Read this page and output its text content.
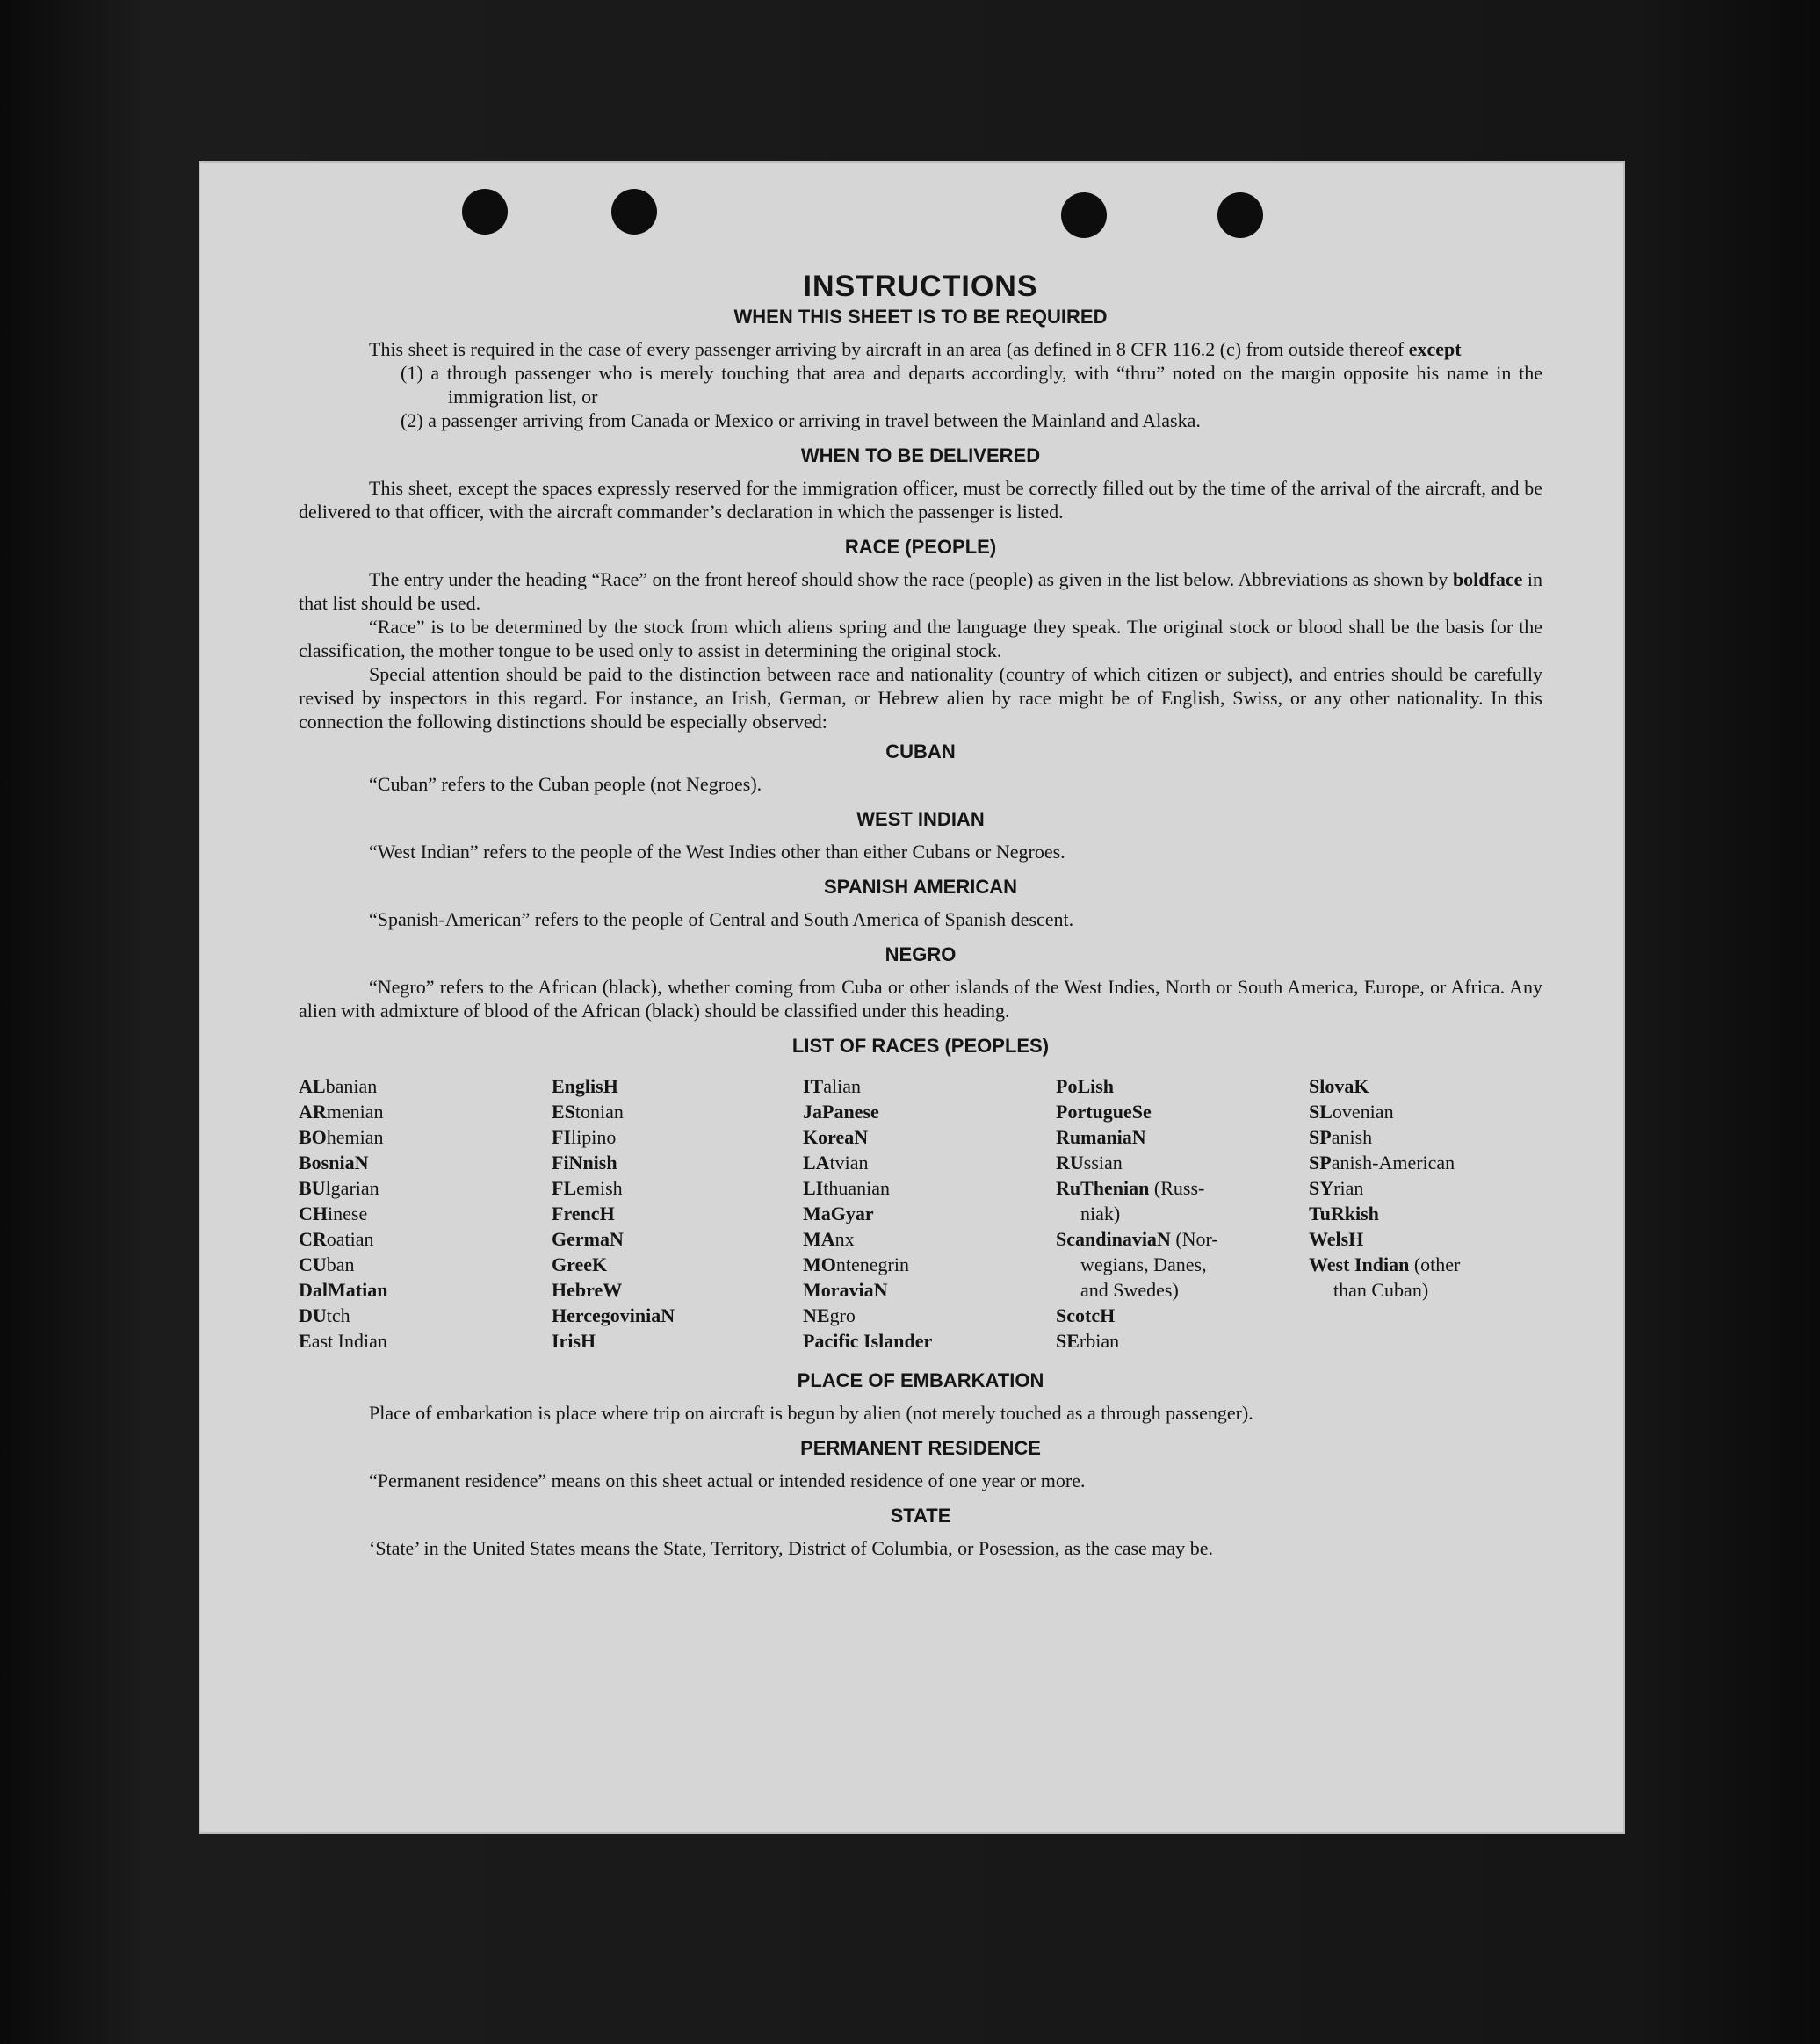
INSTRUCTIONS
WHEN THIS SHEET IS TO BE REQUIRED

This sheet is required in the case of every passenger arriving by aircraft in an area (as defined in 8 CFR 116.2 (c) from outside thereof except

(1) a through passenger who is merely touching that area and departs accordingly, with “thru” noted on the margin opposite his name in the immigration list, or
(2) a passenger arriving from Canada or Mexico or arriving in travel between the Mainland and Alaska.
WHEN TO BE DELIVERED

This sheet, except the spaces expressly reserved for the immigration officer, must be correctly filled out by the time of the arrival of the aircraft, and be delivered to that officer, with the aircraft commander’s declaration in which the passenger is listed.

RACE (PEOPLE)

The entry under the heading “Race” on the front hereof should show the race (people) as given in the list below. Abbreviations as shown by boldface in that list should be used.

“Race” is to be determined by the stock from which aliens spring and the language they speak. The original stock or blood shall be the basis for the classification, the mother tongue to be used only to assist in determining the original stock.

Special attention should be paid to the distinction between race and nationality (country of which citizen or subject), and entries should be carefully revised by inspectors in this regard. For instance, an Irish, German, or Hebrew alien by race might be of English, Swiss, or any other nationality. In this connection the following distinctions should be especially observed:

CUBAN

“Cuban” refers to the Cuban people (not Negroes).

WEST INDIAN

“West Indian” refers to the people of the West Indies other than either Cubans or Negroes.

SPANISH AMERICAN

“Spanish-American” refers to the people of Central and South America of Spanish descent.

NEGRO

“Negro” refers to the African (black), whether coming from Cuba or other islands of the West Indies, North or South America, Europe, or Africa. Any alien with admixture of blood of the African (black) should be classified under this heading.

LIST OF RACES (PEOPLES)
ALbanian
ARmenian
BOhemian
BosniaN
BUlgarian
CHinese
CRoatian
CUban
DalMatian
DUtch
East Indian
EnglisH
EStonian
FIlipino
FiNnish
FLemish
FrencH
GermaN
GreeK
HebreW
HercegoviniaN
IrisH
ITalian
JaPanese
KoreaN
LAtvian
LIthuanian
MaGyar
MAnx
MOntenegrin
MoraviaN
NEgro
Pacific Islander
PoLish
PortugueSe
RumaniaN
RUssian
RuThenian (Russ-
niak)
ScandinaviaN (Nor-
wegians, Danes,
and Swedes)
ScotcH
SErbian
SlovaK
SLovenian
SPanish
SPanish-American
SYrian
TuRkish
WelsH
West Indian (other
than Cuban)
PLACE OF EMBARKATION

Place of embarkation is place where trip on aircraft is begun by alien (not merely touched as a through passenger).

PERMANENT RESIDENCE

“Permanent residence” means on this sheet actual or intended residence of one year or more.

STATE

‘State’ in the United States means the State, Territory, District of Columbia, or Posession, as the case may be.
